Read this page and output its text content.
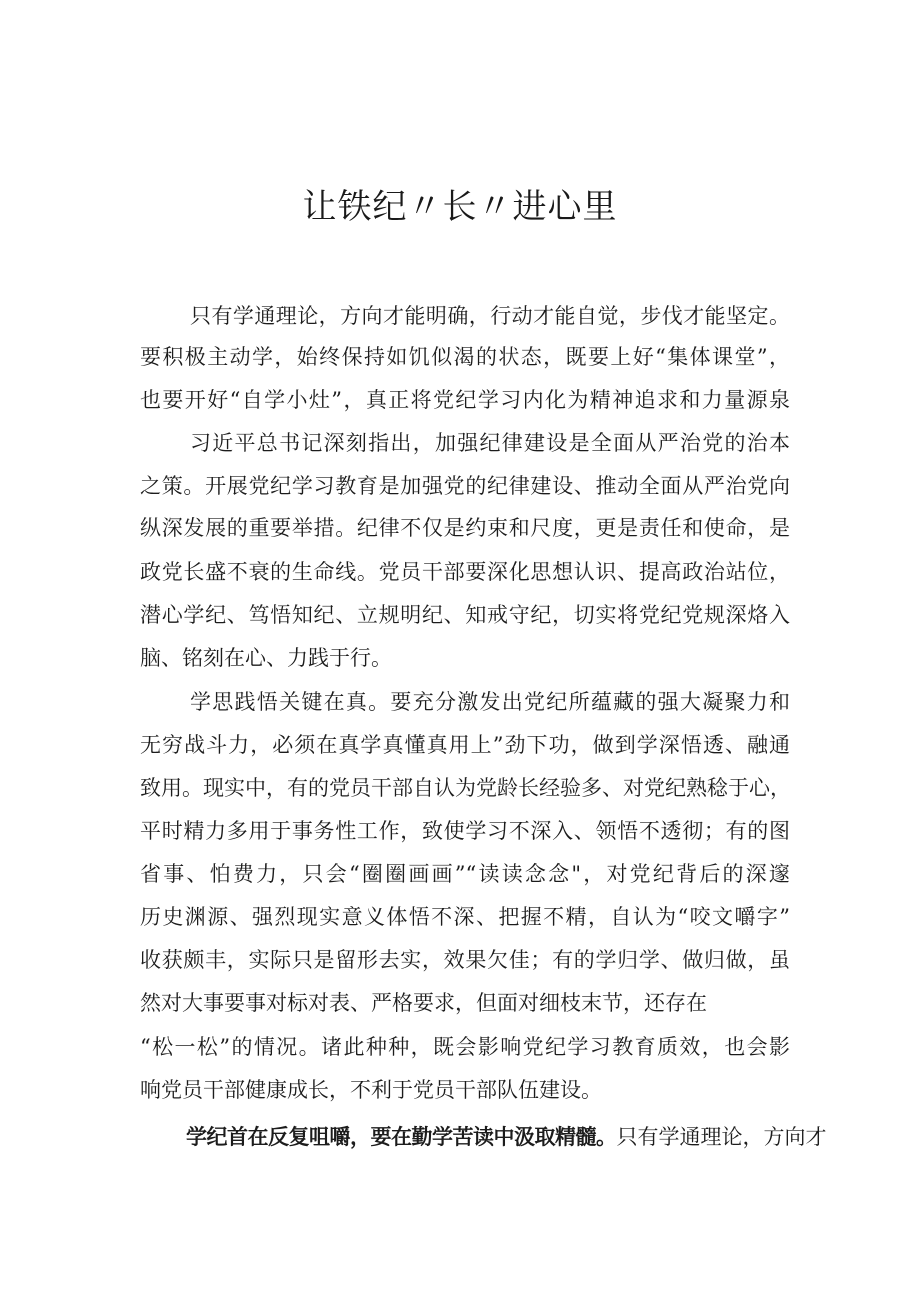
让铁纪〃长〃进心里
只有学通理论，方向才能明确，行动才能自觉，步伐才能坚定。
要积极主动学，始终保持如饥似渴的状态，既要上好“集体课堂”，
也要开好“自学小灶”，真正将党纪学习内化为精神追求和力量源泉
习近平总书记深刻指出，加强纪律建设是全面从严治党的治本
之策。开展党纪学习教育是加强党的纪律建设、推动全面从严治党向
纵深发展的重要举措。纪律不仅是约束和尺度，更是责任和使命，是
政党长盛不衰的生命线。党员干部要深化思想认识、提高政治站位，
潜心学纪、笃悟知纪、立规明纪、知戒守纪，切实将党纪党规深烙入
脑、铭刻在心、力践于行。
学思践悟关键在真。要充分激发出党纪所蕴藏的强大凝聚力和
无穷战斗力，必须在真学真懂真用上”劲下功，做到学深悟透、融通
致用。现实中，有的党员干部自认为党龄长经验多、对党纪熟稔于心，
平时精力多用于事务性工作，致使学习不深入、领悟不透彻；有的图
省事、怕费力，只会“圈圈画画”“读读念念"，对党纪背后的深邃
历史渊源、强烈现实意义体悟不深、把握不精，自认为“咬文嚼字”
收获颇丰，实际只是留形去实，效果欠佳；有的学归学、做归做，虽
然对大事要事对标对表、严格要求，但面对细枝末节，还存在
“松一松”的情况。诸此种种，既会影响党纪学习教育质效，也会影
响党员干部健康成长，不利于党员干部队伍建设。
学纪首在反复咀嚼，要在勤学苦读中汲取精髓。只有学通理论，方向才
